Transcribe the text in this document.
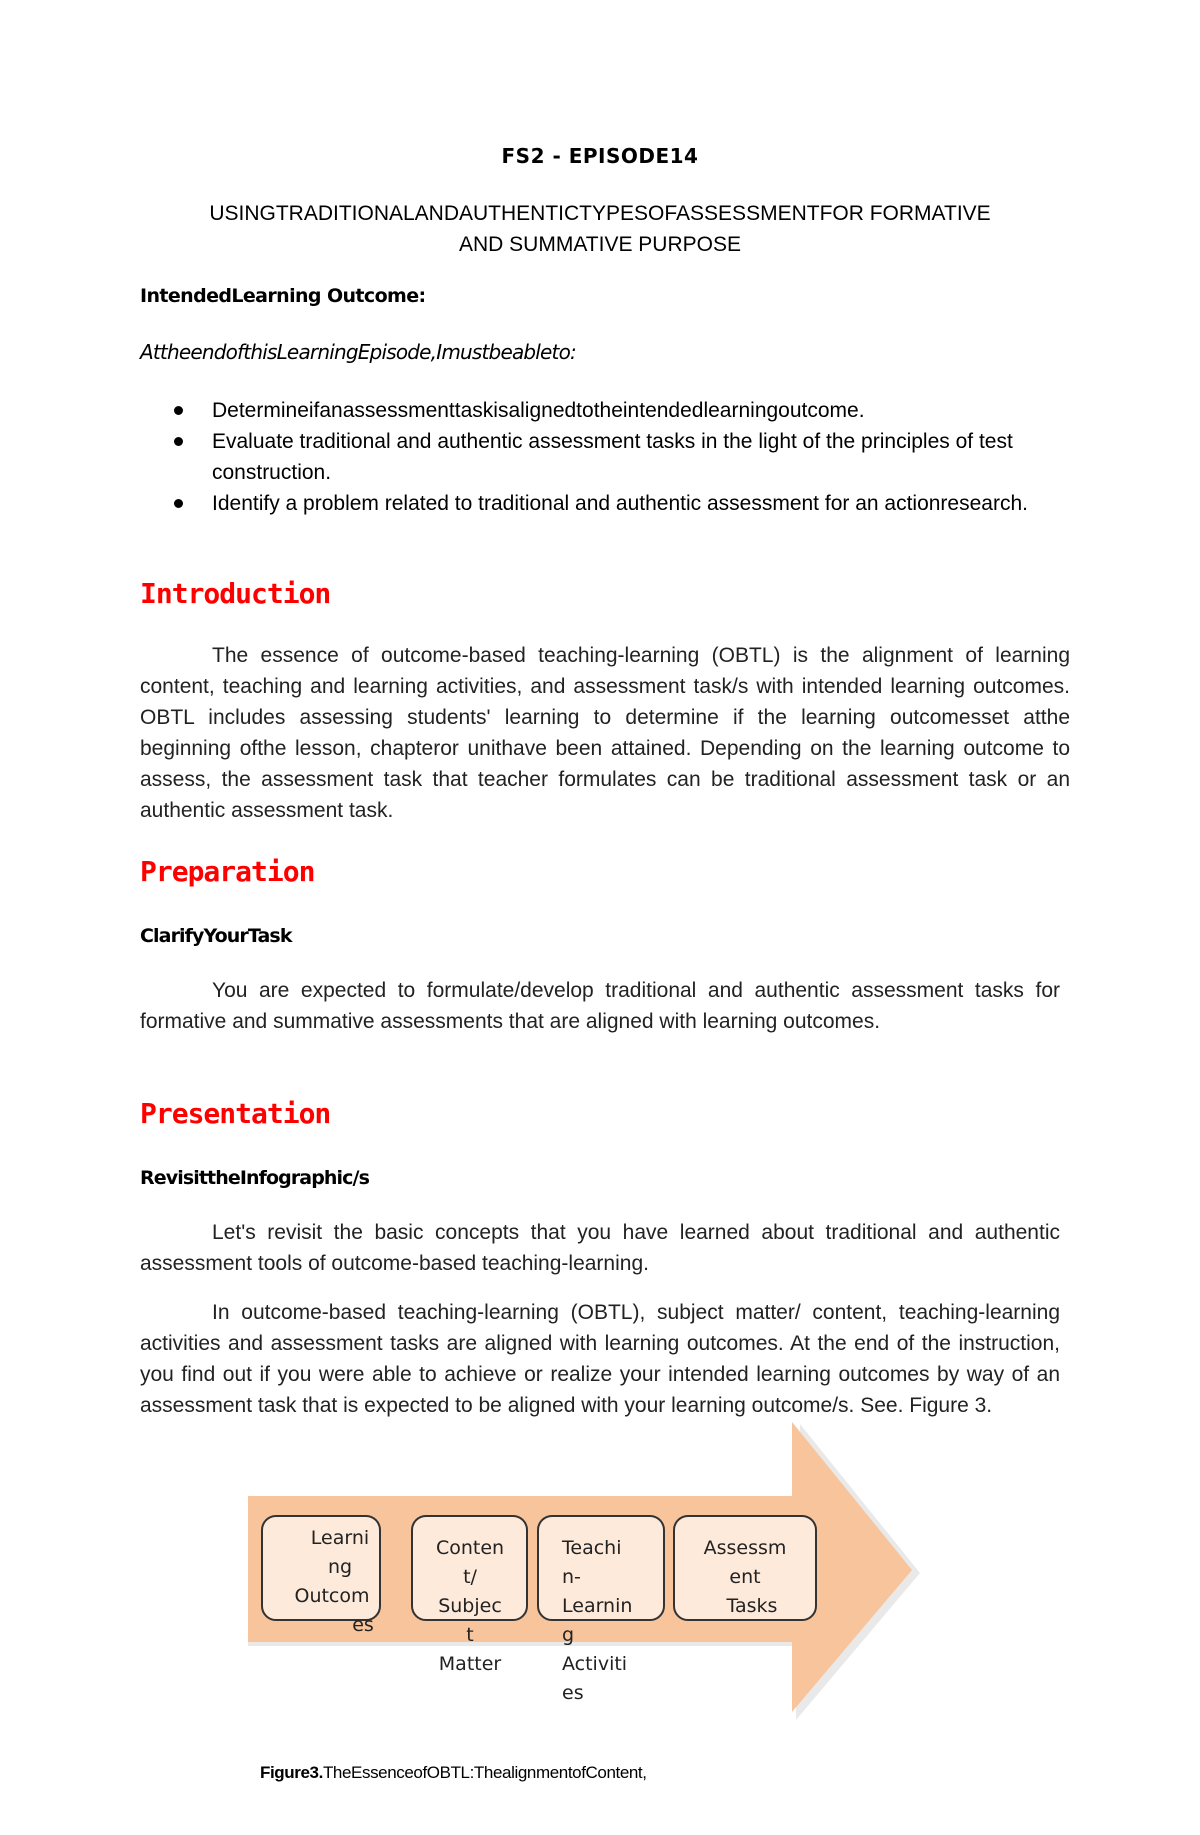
FS2 - EPISODE14
USINGTRADITIONALANDAUTHENTICTYPESOFASSESSMENTFOR FORMATIVE
AND SUMMATIVE PURPOSE
IntendedLearning Outcome:
AttheendofthisLearningEpisode,Imustbeableto:
Determineifanassessmenttaskisalignedtotheintendedlearningoutcome.
Evaluate traditional and authentic assessment tasks in the light of the principles of test construction.
Identify a problem related to traditional and authentic assessment for an actionresearch.
Introduction
The essence of outcome-based teaching-learning (OBTL) is the alignment of learning content, teaching and learning activities, and assessment task/s with intended learning outcomes. OBTL includes assessing students' learning to determine if the learning outcomesset atthe beginning ofthe lesson, chapteror unithave been attained. Depending on the learning outcome to assess, the assessment task that teacher formulates can be traditional assessment task or an authentic assessment task.
Preparation
ClarifyYourTask
You are expected to formulate/develop traditional and authentic assessment tasks for formative and summative assessments that are aligned with learning outcomes.
Presentation
RevisittheInfographic/s
Let's revisit the basic concepts that you have learned about traditional and authentic assessment tools of outcome-based teaching-learning.
In outcome-based teaching-learning (OBTL), subject matter/ content, teaching-learning activities and assessment tasks are aligned with learning outcomes. At the end of the instruction, you find out if you were able to achieve or realize your intended learning outcomes by way of an assessment task that is expected to be aligned with your learning outcome/s. See. Figure 3.
Learni
ng
Outcom
es
Conten
t/
Subjec
t
Matter
Teachi
n-
Learnin
g
Activiti
es
Assessm
ent
Tasks
Figure3.TheEssenceofOBTL:ThealignmentofContent,
